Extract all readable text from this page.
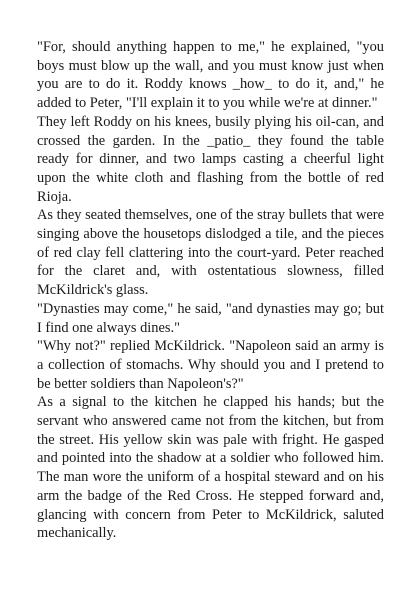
"For, should anything happen to me," he explained, "you boys must blow up the wall, and you must know just when you are to do it. Roddy knows _how_ to do it, and," he added to Peter, "I'll explain it to you while we're at dinner."

They left Roddy on his knees, busily plying his oil-can, and crossed the garden. In the _patio_ they found the table ready for dinner, and two lamps casting a cheerful light upon the white cloth and flashing from the bottle of red Rioja.

As they seated themselves, one of the stray bullets that were singing above the housetops dislodged a tile, and the pieces of red clay fell clattering into the court-yard. Peter reached for the claret and, with ostentatious slowness, filled McKildrick's glass.

"Dynasties may come," he said, "and dynasties may go; but I find one always dines."

"Why not?" replied McKildrick. "Napoleon said an army is a collection of stomachs. Why should you and I pretend to be better soldiers than Napoleon's?"

As a signal to the kitchen he clapped his hands; but the servant who answered came not from the kitchen, but from the street. His yellow skin was pale with fright. He gasped and pointed into the shadow at a soldier who followed him. The man wore the uniform of a hospital steward and on his arm the badge of the Red Cross. He stepped forward and, glancing with concern from Peter to McKildrick, saluted mechanically.
